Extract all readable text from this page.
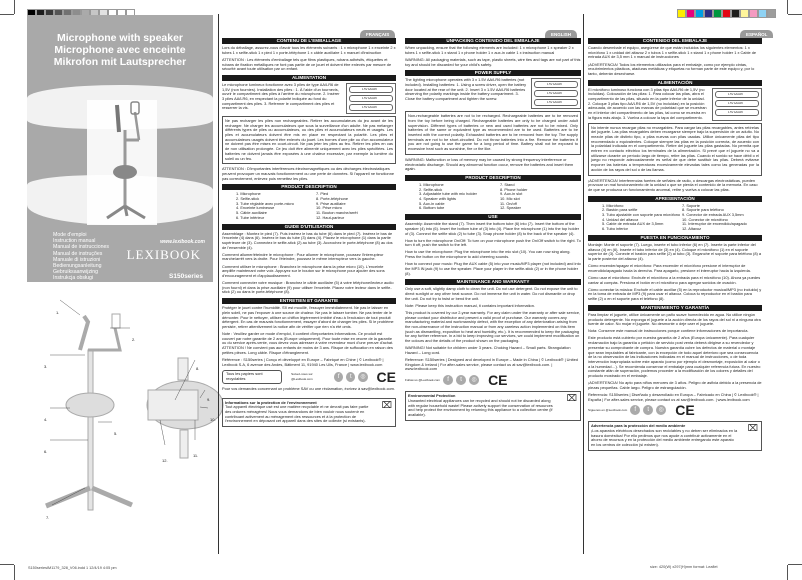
Microphone with speaker
Microphone avec enceinte
Mikrofon mit Lautsprecher
Mode d'emploi
Instruction manual
Manual de instrucciones
Manual de instruções
Manuale di istruzioni
Bedienungsanleitung
Gebruiksaanwijzing
Instrukcja obsługi
Priročnik z navodili
www.lexibook.com
LEXIBOOK
S150series
1.
2.
3.
4.
5.
6.
7.
8.
9.
10.
11.
12.
FRANÇAIS
CONTENU DE L'EMBALLAGE

Lors du déballage, assurez-vous d'avoir tous les éléments suivants : 1 x microphone 1 x enceinte 2 x tubes 1 x selfie-stick 1 x pied 1 x porte-téléphone 1 x câble auxiliaire 1 x manuel d'instruction

ATTENTION : Les éléments d'emballage tels que films plastiques, rubans adhésifs, étiquettes et rubans de fixation métalliques ne font pas partie de ce jouet et doivent être enlevés par mesure de sécurité avant toute utilisation par un enfant.

ALIMENTATION
Le microphone lumineux fonctionne avec 3 piles de type AA/LR6 de 1,5V (non fournies). Installation des piles : 1. À l'aide d'un tournevis, ouvrir le compartiment des piles à l'arrière du microphone. 2. Insérer 3 piles AA/LR6, en respectant la polarité indiquée au fond du compartiment des piles. 3. Refermer le compartiment des piles et resserrer la vis.
1.5V AA/LR6
1.5V AA/LR6
1.5V AA/LR6
Ne pas recharger les piles non rechargeables. Retirer les accumulateurs du jeu avant de les recharger. Ne charger les accumulateurs que sous la surveillance d'un adulte. Ne pas mélanger différents types de piles ou accumulateurs, ou des piles et accumulateurs neufs et usagés. Les piles et accumulateurs doivent être mis en place en respectant la polarité. Les piles et accumulateurs usagés doivent être enlevés du jouet. Les bornes d'une pile ou d'un accumulateur ne doivent pas être mises en court-circuit. Ne pas jeter les piles au feu. Retirer les piles en cas de non utilisation prolongée. Ce jeu doit être alimenté uniquement avec les piles spécifiées. Les batteries ne doivent jamais être exposées à une chaleur excessive, par exemple la lumière du soleil ou un feu.

ATTENTION : D'importantes interférences électromagnétiques ou des décharges électrostatiques peuvent provoquer un mauvais fonctionnement ou une perte de données. Si l'appareil ne fonctionne pas correctement, enlevez puis remettez les piles.

PRODUCT DESCRIPTION
1. Microphone	7. Pied
2. Selfie-stick	8. Porte-téléphone
3. Tube réglable avec porte-micro	9. Prise auxiliaire
4. Enceinte lumineuse	10. Prise micro
5. Câble auxiliaire	11. Bouton marche/arrêt
6. Tube inférieur	12. Haut-parleur
GUIDE D'UTILISATION

Assemblage : Montez le pied (7). Puis insérez le bas du tube (6) dans le pied (7). Insérez le bas de l'enceinte (4) dans (6). Insérez le bas du tube (3) dans (4). Placez le microphone (1) dans la partie supérieure de (3). Connectez le selfie-stick (2) au tube (3). Accrochez le porte-téléphone (8) au dos de l'ensemble (4).

Comment allumer/éteindre le microphone : Pour allumer le microphone, poussez l'interrupteur marche/arrêt vers la droite. Pour l'éteindre, poussez le même interrupteur vers la gauche.

Comment utiliser le microphone : Branchez le microphone dans la prise micro (10). L'enceinte amplifie maintenant votre voix. Appuyez sur le bouton sur le microphone pour ajouter des sons d'encouragement et d'applaudissement.

Comment connecter votre musique : Branchez le câble auxiliaire (5) à votre téléphone/lecteur audio (non fourni) et dans la prise auxiliaire (9) pour utiliser l'enceinte. Placez votre lecteur dans le selfie-stick (2) ou dans le porte-téléphone (8).

ENTRETIEN ET GARANTIE

Protéger le jouet contre l'humidité. S'il est mouillé, l'essuyer immédiatement. Ne pas le laisser en plein soleil, ne pas l'exposer à une source de chaleur. Ne pas le laisser tomber. Ne pas tenter de le démonter. Pour le nettoyer, utiliser un chiffon légèrement imbibé d'eau à l'exclusion de tout produit détergent. En cas de mauvais fonctionnement, essayer d'abord de changer les piles. Si le problème persiste, retirer attentivement la notice afin de vérifier que rien n'a été omis.

Note : Veuillez garder ce mode d'emploi, il contient d'importantes informations. Ce produit est couvert par notre garantie de 2 ans (Europe uniquement). Pour toute mise en œuvre de la garantie ou du service après-vente, vous devez vous adresser à votre revendeur muni d'une preuve d'achat. ATTENTION ! Ne convient pas aux enfants de moins de 3 ans. Risque de suffocation en raison des petites pièces. Long câble. Risque d'étranglement.

Référence : S150series | Conçu et développé en Europe – Fabriqué en Chine | © Lexibook® | Lexibook S.A, 6 avenue des Andes, Bâtiment 11, 91940 Les Ulis, France | www.lexibook.com

Tous les papiers sont recyclables
Suivez-nous sur @Lexibook.com	f	t	◎ CE

Pour vos demandes concernant un problème SAV ou une réclamation, écrivez à sav@lexibook.com.

Informations sur la protection de l'environnement
Tout appareil électrique usé est une matière recyclable et ne devrait pas faire partie des ordures ménagères! Nous vous demandons de bien vouloir nous soutenir en contribuant activement au ménagement des ressources et à la protection de l'environnement en déposant cet appareil dans des sites de collecte (si existants).
⌧
ENGLISH
UNPACKING CONTENIDO DEL EMBALAJE

When unpacking, ensure that the following elements are included: 1 x microphone 1 x speaker 2 x tubes 1 x selfie-stick 1 x stand 1 x phone holder 1 x aux-in cable 1 x instruction manual

WARNING: All packaging materials, such as tape, plastic sheets, wire ties and tags are not part of this toy and should be discarded for your child's safety.

POWER SUPPLY
The lighting microphone operates with 3 x 1.5V AA/LR6 batteries (not included). Installing batteries: 1. Using a screw driver, open the battery door located at the rear of the unit. 2. Insert 3 x 1.5V AA/LR6 batteries observing the polarity markings inside the battery compartment. 3. Close the battery compartment and tighten the screw.
1.5V AA/LR6
1.5V AA/LR6
1.5V AA/LR6
Non-rechargeable batteries are not to be recharged. Rechargeable batteries are to be removed from the toy before being charged. Rechargeable batteries are only to be charged under adult supervision. Different types of batteries or new and used batteries are not to be mixed. Only batteries of the same or equivalent type as recommended are to be used. Batteries are to be inserted with the correct polarity. Exhausted batteries are to be removed from the toy. The supply terminals are not to be short-circuited. Do not throw batteries into a fire. Remove the batteries if you are not going to use the game for a long period of time. Battery shall not be exposed to excessive heat such as sunshine, fire or the like.

WARNING: Malfunction or loss of memory may be caused by strong frequency interference or electrostatic discharge. Should any abnormal function occur, remove the batteries and insert them again.

PRODUCT DESCRIPTION
1. Microphone	7. Stand
2. Selfie-stick	8. Phone holder
3. Adjustable tube with mic holder	9. Aux-in slot
4. Speaker with lights	10. Mic slot
5. Aux-in cable	11. On/off
6. Bottom tube	12. Speaker
USE

Assembly: Assemble the stand (7). Then insert the bottom tube (6) into (7). Insert the bottom of the speaker (4) into (6). Insert the bottom tube of (3) into (4). Place the microphone (1) into the top holder of (3). Connect the selfie stick (2) to tube (3). Snap phone holder (8) to the back of the speaker (4).

How to turn the microphone On/Off: To turn on your microphone push the On/Off switch to the right. To turn it off, push the switch to the left.

How to use the microphone: Plug the microphone into the mic slot (10). You can now sing along. Press the button on the microphone to add cheering sounds.

How to connect your music: Plug the AUX cable (5) into your music/MP3 player (not included) and into the MP3 IN jack (9) to use the speaker. Place your player in the selfie-stick (2) or in the phone holder (8).

MAINTENANCE AND WARRANTY

Only use a soft, slightly damp cloth to clean the unit. Do not use detergent. Do not expose the unit to direct sunlight or any other heat source. Do not immerse the unit in water. Do not dismantle or drop the unit. Do not try to twist or bend the unit.

Note: Please keep this instruction manual, it contains important information.

This product is covered by our 2-year warranty. For any claim under the warranty or after sale service, please contact your distributor and present a valid proof of purchase. Our warranty covers any manufacturing material and workmanship defect, with the exception of any deterioration arising from the non-observance of the instruction manual or from any careless action implemented on this item (such as dismantling, exposition to heat and humidity, etc.). It is recommended to keep the packaging for any further reference. In a bid to keep improving our services, we could implement modification on the colours and the details of the product shown on the packaging.

WARNING! Not suitable for children under 3 years. Choking Hazard – Small parts. Strangulation Hazard – Long cord.

Reference: S150series | Designed and developed in Europe – Made in China | © Lexibook® | United Kingdom & Ireland | For after-sales service, please contact us at sav@lexibook.com. | www.lexibook.com

Follow us @Lexibook.com	f	t	◎ CE
Environmental Protection
Unwanted electrical appliances can be recycled and should not be discarded along with regular household waste! Please actively support the conservation of resources and help protect the environment by returning this appliance to a collection centre (if available).
⌧
ESPAÑOL
CONTENIDO DEL EMBALAJE

Cuando desembale el equipo, asegúrese de que están incluidos los siguientes elementos: 1 x micrófono 1 x unidad del altavoz 2 x tubos 1 x selfie-stick 1 x stand 1 x phone holder 1 x Cable de entrada AUX de 3,5 mm 1 x manual de instrucciones

¡ADVERTENCIA! Todos los elementos utilizados para el embalaje, como por ejemplo cintas, recubrimientos plásticos, ataduras metálicas y etiquetas no forman parte de este equipo y, por lo tanto, deberán desecharse.

ALIMENTACIÓN
El micrófono luminoso funciona con 3 pilas tipo AA/LR6 de 1,5V (no incluidas). Colocación de las pilas: 1. Para colocar las pilas, abra el compartimento de las pilas, situado en la parte inferior de la unidad. 2. Coloque 3 pilas tipo AA/LR6 de 1,5V (no incluidas) en la posición adecuada, de acuerdo con las marcas de polaridad que se muestran en el interior del compartimento de las pilas, tal como se muestra en la figura más abajo. 3. Vuelva a colocar la tapa del compartimento.
1.5V AA/LR6
1.5V AA/LR6
1.5V AA/LR6
No intente nunca recargar pilas no recargables. Para cargar las pilas recargables, antes retírelas del juguete. Las pilas recargables deben recargarse siempre bajo la supervisión de un adulto. No mezcle pilas de distinto tipo, o pilas nuevas con pilas usadas. Utilice únicamente pilas del tipo recomendado o equivalentes. Coloque siempre las pilas en la posición correcta, de acuerdo con la polaridad indicada en el compartimento. Retire del juguete las pilas gastadas. No permita que entren en contacto eléctrico los terminales de la alimentación. Si prevé que el juguete no va a utilizarse durante un período largo de tiempo, retire las pilas. Cuando el sonido se hace débil o el juego no responde adecuadamente es señal de que debe sustituir las pilas. Deberá evitarse exponer las baterías a temperaturas excesivamente elevadas tales como las generadas por la acción de los rayos del sol o de las llamas.

¡ADVERTENCIA! Interferencias fuertes de señales de radio, o descargas electrostáticas, pueden provocar un mal funcionamiento de la unidad o que se pierda el contenido de la memoria. En caso de que se produzca un funcionamiento anormal, retire y vuelva a colocar las pilas.

APRESENTACIÓN
1. Micrófono	7. Soporte
2. Bastón para selfie	8. Soporte para teléfono
3. Tubo ajustable con soporte para micrófono 9. Conector de entrada AUX 3,5mm
4. Unidad del altavoz	10. Conector de micrófono
5. Cable de entrada AUX de 3,5mm	11. Interruptor de encendido/apagado
6. Tubo inferior	12. Altavoz
PUESTA EN FUNCIONAMIENTO

Montaje: Monte el soporte (7). Luego, inserte el tubo inferior (6) en (7). Inserte la parte inferior del altavoz (4) en (6). Inserte el tubo inferior de (3) en (4). Coloque el micrófono (1) en el soporte superior de (3). Conecte el bastón para selfie (2) al tubo (3). Enganche el soporte para teléfono (8) a la parte posterior del altavoz (4).

Cómo encender/apagar el micrófono: Para encender el micrófono presione el interruptor de encendido/apagado hacia la derecha. Para apagarlo, presione el interruptor hacia la izquierda.

Cómo usar el micrófono: Enchufe el micrófono a la entrada para el micrófono (10). Ahora ya puedes cantar al compás. Presiona el botón en el micrófono para agregar sonidos de ovación.

Cómo conectar la música: Enchufe el cable auxiliar (5) en la reproductor musical/MP3 (no incluido) y en la toma de entrada de MP3 (9) para usar el altavoz. Coloca tu reproductor en el bastón para selfie (2) o en el soporte para el teléfono (8).

MANTENIMIENTO Y GARANTÍA

Para limpiar el juguete, utilice únicamente un paño suave humedecido en agua. No utilice ningún producto detergente. No exponga el juguete a la acción directa de los rayos del sol ni a ninguna otra fuente de calor. No mojar el juguete. No desmonte o deje caer el juguete.

Nota: Conserve este manual de instrucciones porque contiene informaciones de importancia.

Este producto está cubierto por nuestra garantía de 2 años (Europa únicamente). Para cualquier reclamación bajo la garantía o petición de servicio post venta deberá dirigirse a su revendedor y presentar su comprobante de compra. Nuestra garantía cubre los defectos de material o montaje que sean imputables al fabricante, con la excepción de todo aquel deterioro que sea consecuencia de la no observación de las indicaciones indicadas en el manual de instrucciones, o de toda intervención inapropiada sobre este aparato (como por ejemplo el desmontaje, exposición al calor o a la humedad…). Se recomienda conservar el embalaje para cualquier referencia futura. En nuestro constante afán de superación, podemos proceder a la modificación de los colores y detalles del producto mostrado en el embalaje.

¡ADVERTENCIA! No apto para niños menores de 3 años. Peligro de asfixia debido a la presencia de piezas pequeñas. Cable largo. Peligro de estrangulación.

Referencia: S150series | Diseñado y desarrollado en Europa – Fabricado en China | © Lexibook® | España | For after-sales service, please contact us at sav@lexibook.com. | www.lexibook.com

Síguenos en @Lexibook.com	f	t	◎ CE
Advertencia para la protección del medio ambiente
¡Los aparatos eléctricos desechados son reciclables y no deben ser eliminados en la basura doméstica! Por ello pedimos que nos ayude a contribuir activamente en el ahorro de recursos y en la protección del medio ambiente entregando este aparato en los centros de colección (si existen).
⌧
S150seriesIM1179_328_V06.indd 1 12/4/19 4:05 pm	size: 420(W) x297(H)mm format: Leaflet
